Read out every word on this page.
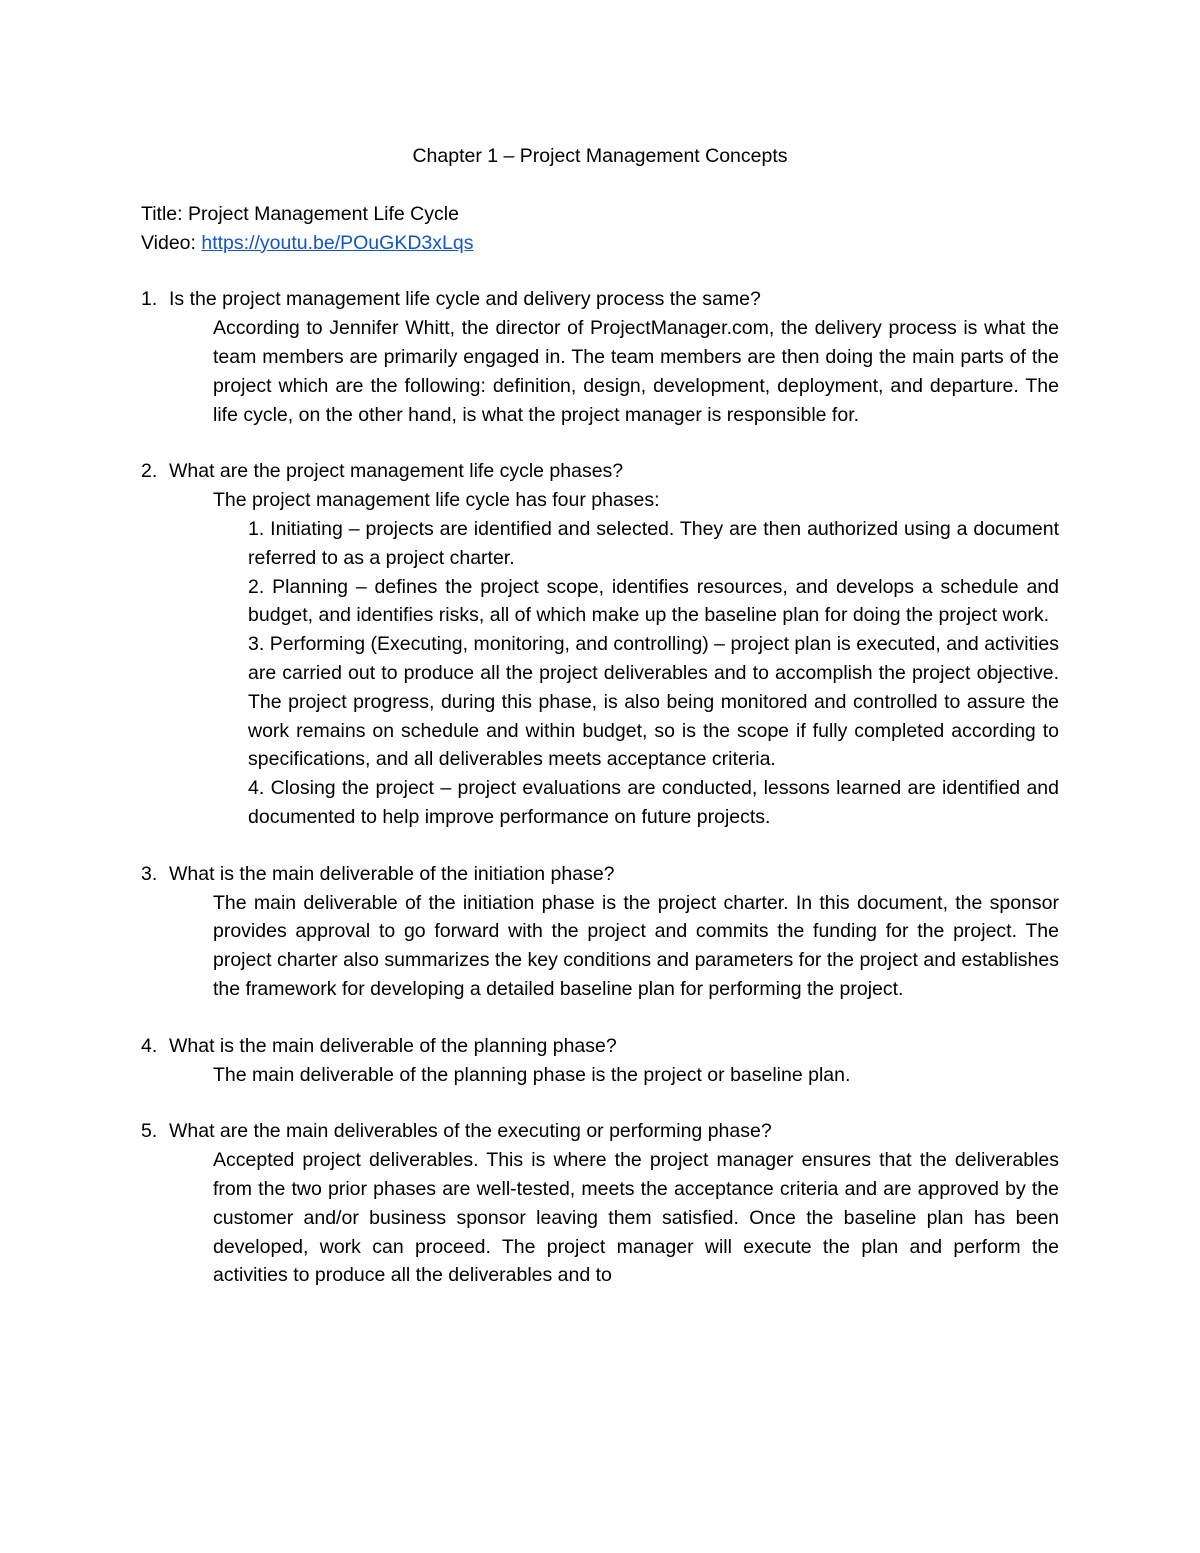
Chapter 1 – Project Management Concepts
Title: Project Management Life Cycle
Video: https://youtu.be/POuGKD3xLqs
1. Is the project management life cycle and delivery process the same?
According to Jennifer Whitt, the director of ProjectManager.com, the delivery process is what the team members are primarily engaged in. The team members are then doing the main parts of the project which are the following: definition, design, development, deployment, and departure. The life cycle, on the other hand, is what the project manager is responsible for.
2. What are the project management life cycle phases?
The project management life cycle has four phases:
1. Initiating – projects are identified and selected. They are then authorized using a document referred to as a project charter.
2. Planning – defines the project scope, identifies resources, and develops a schedule and budget, and identifies risks, all of which make up the baseline plan for doing the project work.
3. Performing (Executing, monitoring, and controlling) – project plan is executed, and activities are carried out to produce all the project deliverables and to accomplish the project objective. The project progress, during this phase, is also being monitored and controlled to assure the work remains on schedule and within budget, so is the scope if fully completed according to specifications, and all deliverables meets acceptance criteria.
4. Closing the project – project evaluations are conducted, lessons learned are identified and documented to help improve performance on future projects.
3. What is the main deliverable of the initiation phase?
The main deliverable of the initiation phase is the project charter. In this document, the sponsor provides approval to go forward with the project and commits the funding for the project. The project charter also summarizes the key conditions and parameters for the project and establishes the framework for developing a detailed baseline plan for performing the project.
4. What is the main deliverable of the planning phase?
The main deliverable of the planning phase is the project or baseline plan.
5. What are the main deliverables of the executing or performing phase?
Accepted project deliverables. This is where the project manager ensures that the deliverables from the two prior phases are well-tested, meets the acceptance criteria and are approved by the customer and/or business sponsor leaving them satisfied. Once the baseline plan has been developed, work can proceed. The project manager will execute the plan and perform the activities to produce all the deliverables and to
